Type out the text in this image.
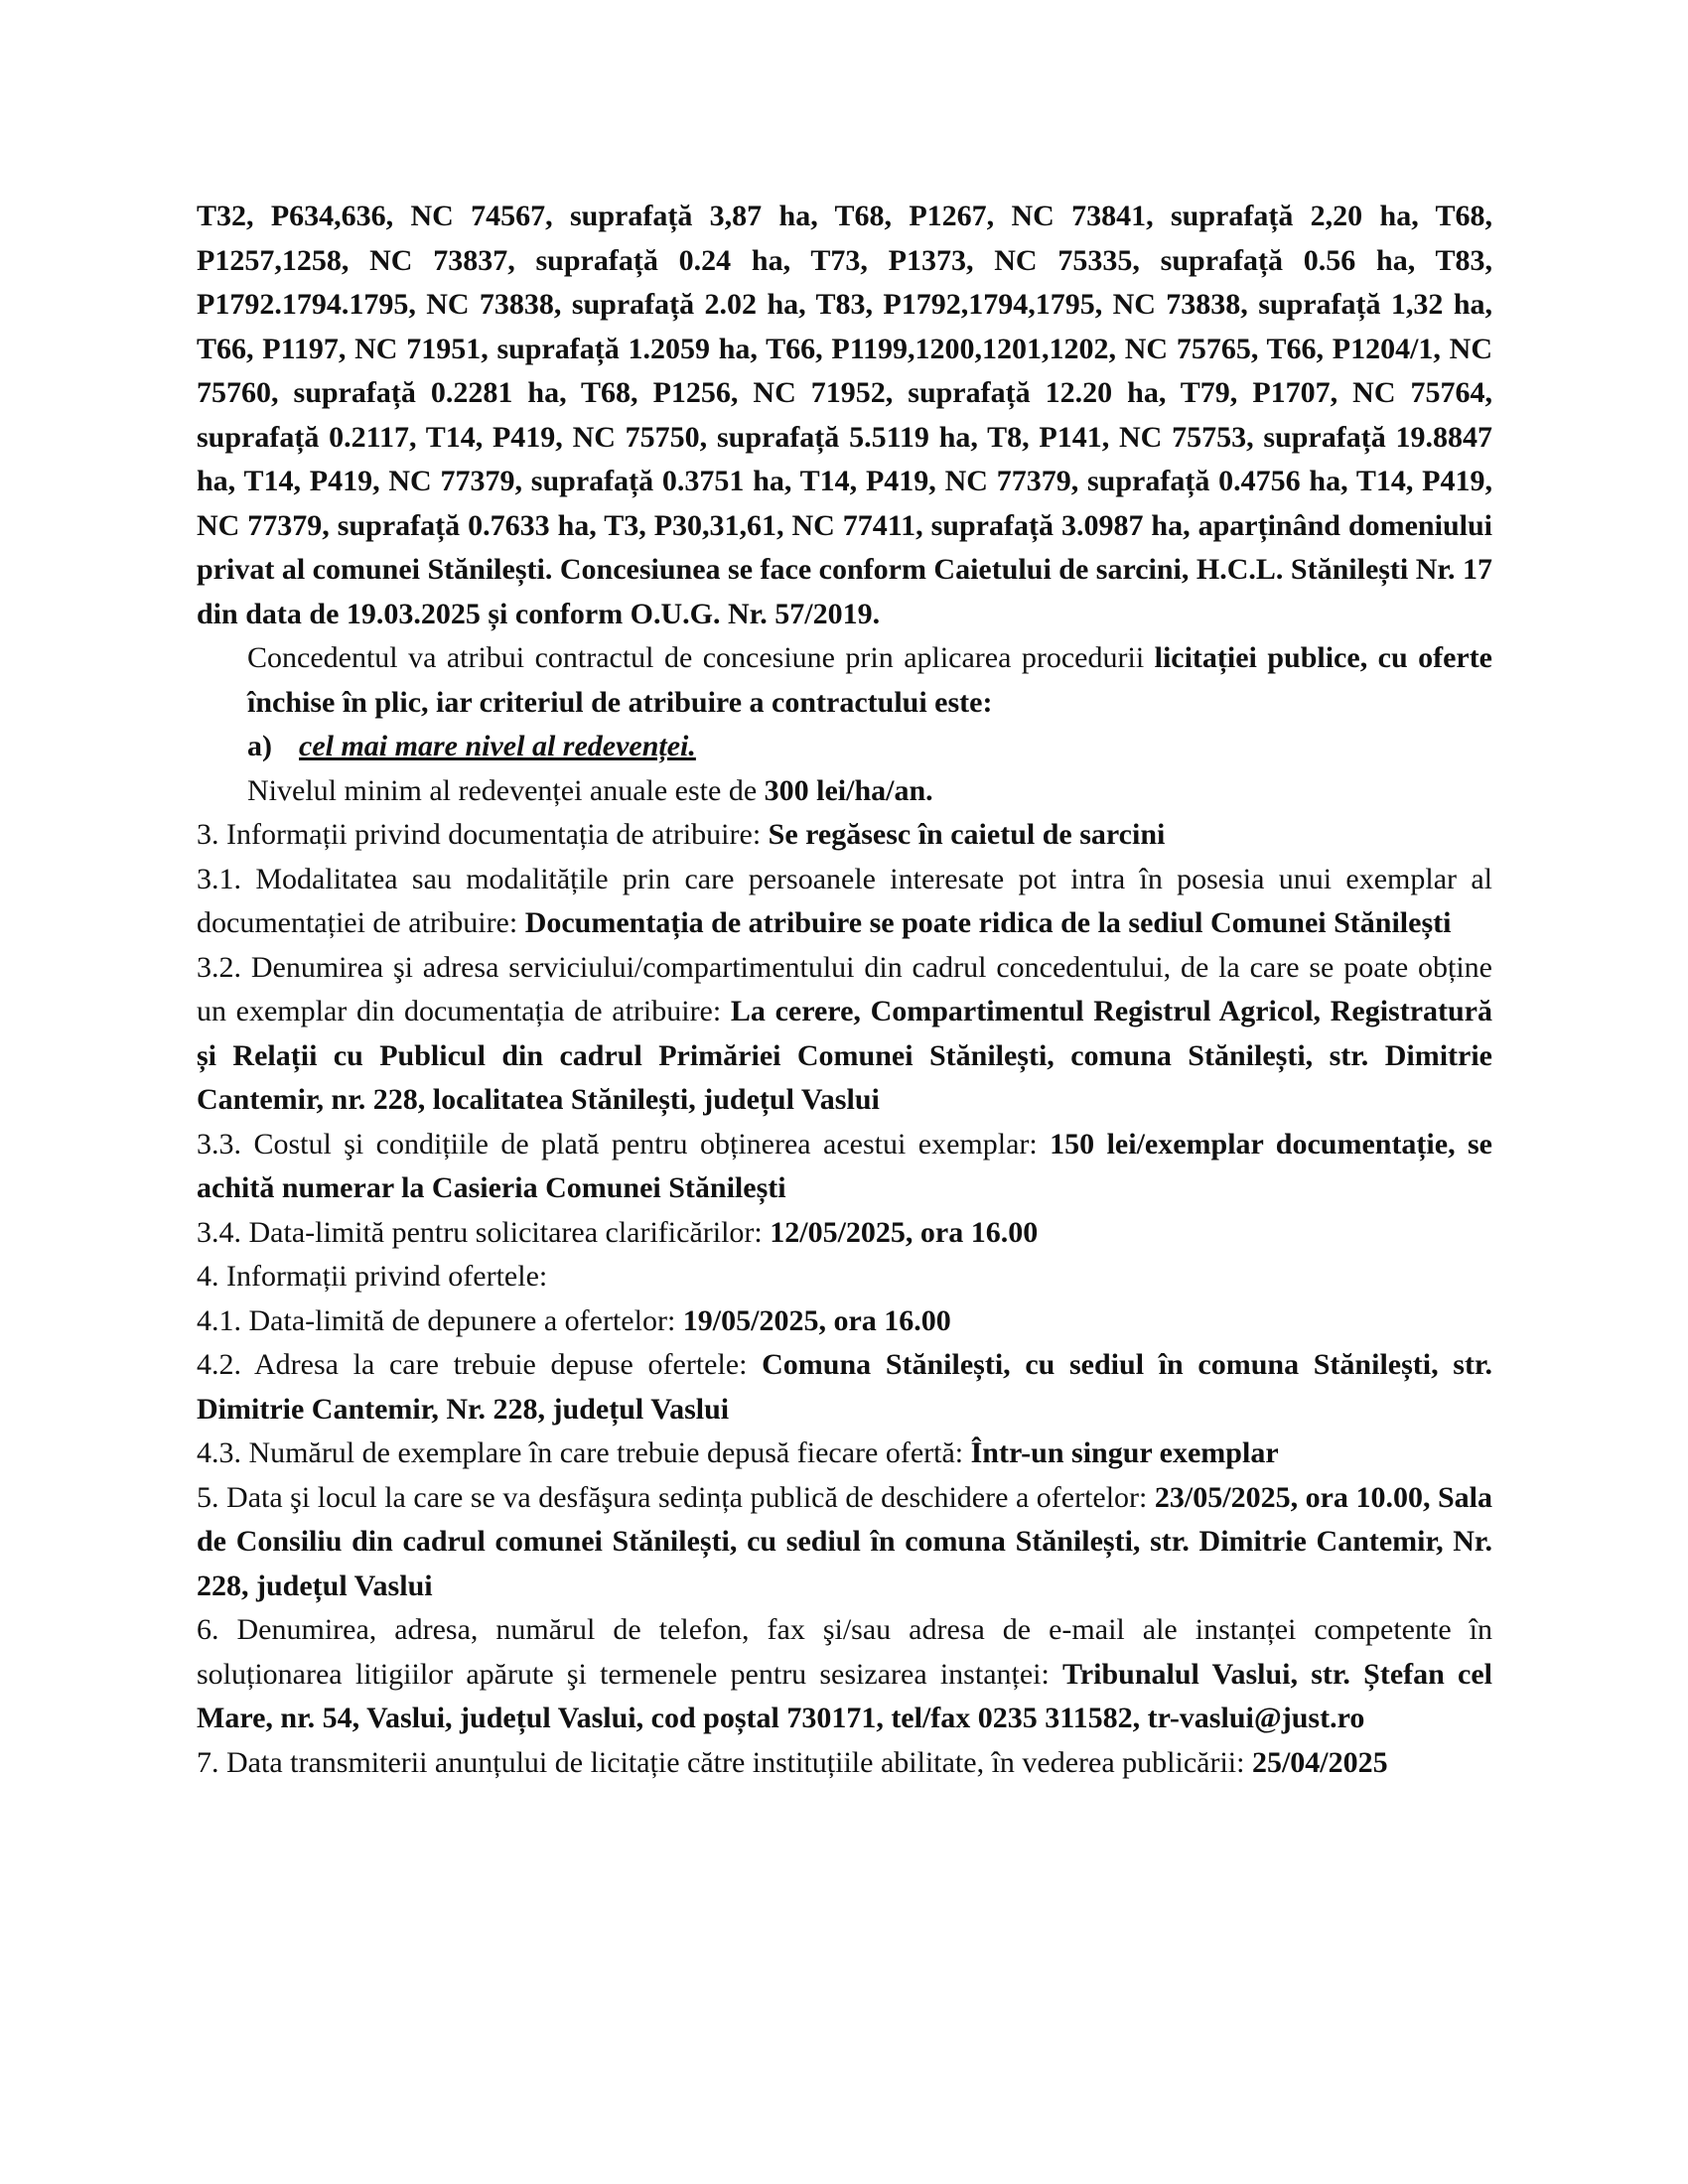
T32, P634,636, NC 74567, suprafață 3,87 ha, T68, P1267, NC 73841, suprafață 2,20 ha, T68, P1257,1258, NC 73837, suprafață 0.24 ha, T73, P1373, NC 75335, suprafață 0.56 ha, T83, P1792.1794.1795, NC 73838, suprafață 2.02 ha, T83, P1792,1794,1795, NC 73838, suprafață 1,32 ha, T66, P1197, NC 71951, suprafață 1.2059 ha, T66, P1199,1200,1201,1202, NC 75765, T66, P1204/1, NC 75760, suprafață 0.2281 ha, T68, P1256, NC 71952, suprafață 12.20 ha, T79, P1707, NC 75764, suprafață 0.2117, T14, P419, NC 75750, suprafață 5.5119 ha, T8, P141, NC 75753, suprafață 19.8847 ha, T14, P419, NC 77379, suprafață 0.3751 ha, T14, P419, NC 77379, suprafață 0.4756 ha, T14, P419, NC 77379, suprafață 0.7633 ha, T3, P30,31,61, NC 77411, suprafață 3.0987 ha, aparținând domeniului privat al comunei Stănilești. Concesiunea se face conform Caietului de sarcini, H.C.L. Stănilești Nr. 17 din data de 19.03.2025 și conform O.U.G. Nr. 57/2019.

Concedentul va atribui contractul de concesiune prin aplicarea procedurii licitației publice, cu oferte închise în plic, iar criteriul de atribuire a contractului este:

a) cel mai mare nivel al redevenței.

Nivelul minim al redevenței anuale este de 300 lei/ha/an.

3. Informații privind documentația de atribuire: Se regăsesc în caietul de sarcini

3.1. Modalitatea sau modalitățile prin care persoanele interesate pot intra în posesia unui exemplar al documentației de atribuire: Documentația de atribuire se poate ridica de la sediul Comunei Stănilești

3.2. Denumirea şi adresa serviciului/compartimentului din cadrul concedentului, de la care se poate obține un exemplar din documentația de atribuire: La cerere, Compartimentul Registrul Agricol, Registratură și Relații cu Publicul din cadrul Primăriei Comunei Stănilești, comuna Stănilești, str. Dimitrie Cantemir, nr. 228, localitatea Stănilești, județul Vaslui

3.3. Costul şi condițiile de plată pentru obținerea acestui exemplar: 150 lei/exemplar documentație, se achită numerar la Casieria Comunei Stănilești

3.4. Data-limită pentru solicitarea clarificărilor: 12/05/2025, ora 16.00

4. Informații privind ofertele:

4.1. Data-limită de depunere a ofertelor: 19/05/2025, ora 16.00

4.2. Adresa la care trebuie depuse ofertele: Comuna Stănilești, cu sediul în comuna Stănilești, str. Dimitrie Cantemir, Nr. 228, județul Vaslui

4.3. Numărul de exemplare în care trebuie depusă fiecare ofertă: Într-un singur exemplar

5. Data şi locul la care se va desfăşura sedința publică de deschidere a ofertelor: 23/05/2025, ora 10.00, Sala de Consiliu din cadrul comunei Stănilești, cu sediul în comuna Stănilești, str. Dimitrie Cantemir, Nr. 228, județul Vaslui

6. Denumirea, adresa, numărul de telefon, fax şi/sau adresa de e-mail ale instanței competente în soluționarea litigiilor apărute şi termenele pentru sesizarea instanței: Tribunalul Vaslui, str. Ștefan cel Mare, nr. 54, Vaslui, județul Vaslui, cod poștal 730171, tel/fax 0235 311582, tr-vaslui@just.ro

7. Data transmiterii anunțului de licitație către instituțiile abilitate, în vederea publicării: 25/04/2025
